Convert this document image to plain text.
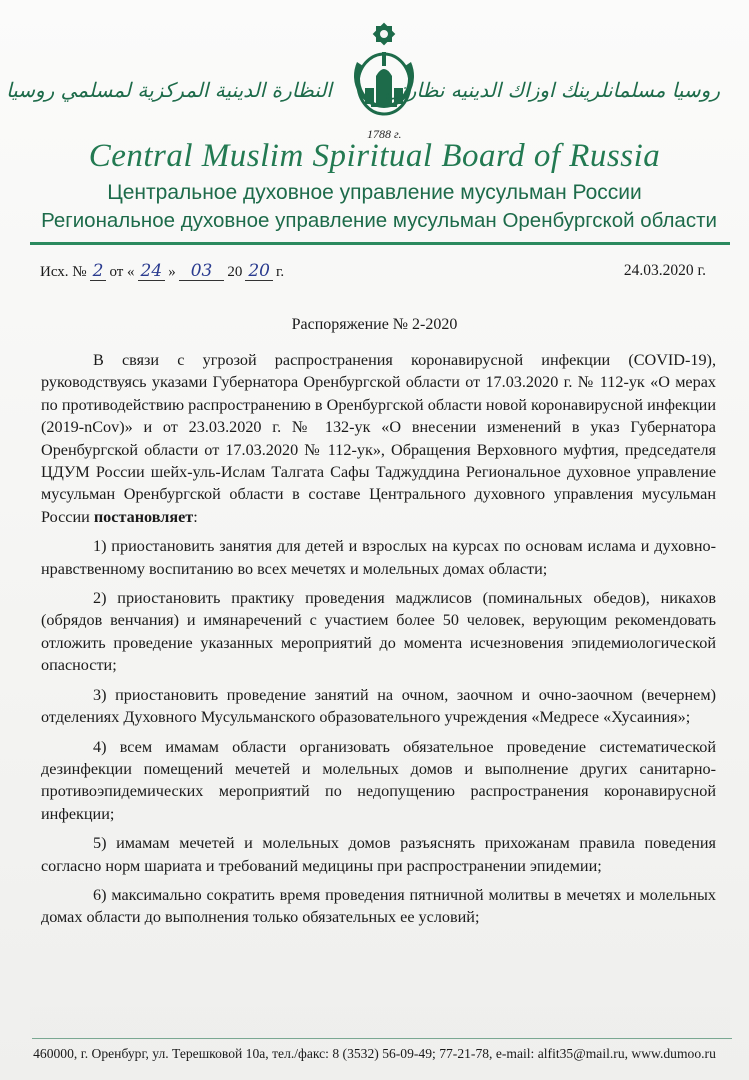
النظارة الدينية المركزية لمسلمي روسيا	روسيا مسلمانلرينك اوزاك الدينيه نظارتى
1788 г.
Central Muslim Spiritual Board of Russia
Центральное духовное управление мусульман России
Региональное духовное управление мусульман Оренбургской области
Исх. № 2 от « 24 » 03	20 20 г.	24.03.2020 г.
Распоряжение № 2-2020

В связи с угрозой распространения коронавирусной инфекции (COVID-19), руководствуясь указами Губернатора Оренбургской области от 17.03.2020 г. № 112-ук «О мерах по противодействию распространению в Оренбургской области новой коронавирусной инфекции (2019-nCov)» и от 23.03.2020 г. № 132-ук «О внесении изменений в указ Губернатора Оренбургской области от 17.03.2020 № 112-ук», Обращения Верховного муфтия, председателя ЦДУМ России шейх-уль-Ислам Талгата Сафы Таджуддина Региональное духовное управление мусульман Оренбургской области в составе Центрального духовного управления мусульман России постановляет:

1) приостановить занятия для детей и взрослых на курсах по основам ислама и духовно-нравственному воспитанию во всех мечетях и молельных домах области;

2) приостановить практику проведения маджлисов (поминальных обедов), никахов (обрядов венчания) и имянаречений с участием более 50 человек, верующим рекомендовать отложить проведение указанных мероприятий до момента исчезновения эпидемиологической опасности;

3) приостановить проведение занятий на очном, заочном и очно-заочном (вечернем) отделениях Духовного Мусульманского образовательного учреждения «Медресе «Хусаиния»;

4) всем имамам области организовать обязательное проведение систематической дезинфекции помещений мечетей и молельных домов и выполнение других санитарно-противоэпидемических мероприятий по недопущению распространения коронавирусной инфекции;

5) имамам мечетей и молельных домов разъяснять прихожанам правила поведения согласно норм шариата и требований медицины при распространении эпидемии;

6) максимально сократить время проведения пятничной молитвы в мечетях и молельных домах области до выполнения только обязательных ее условий;

460000, г. Оренбург, ул. Терешковой 10а, тел./факс: 8 (3532) 56-09-49; 77-21-78, e-mail: alfit35@mail.ru, www.dumoo.ru
